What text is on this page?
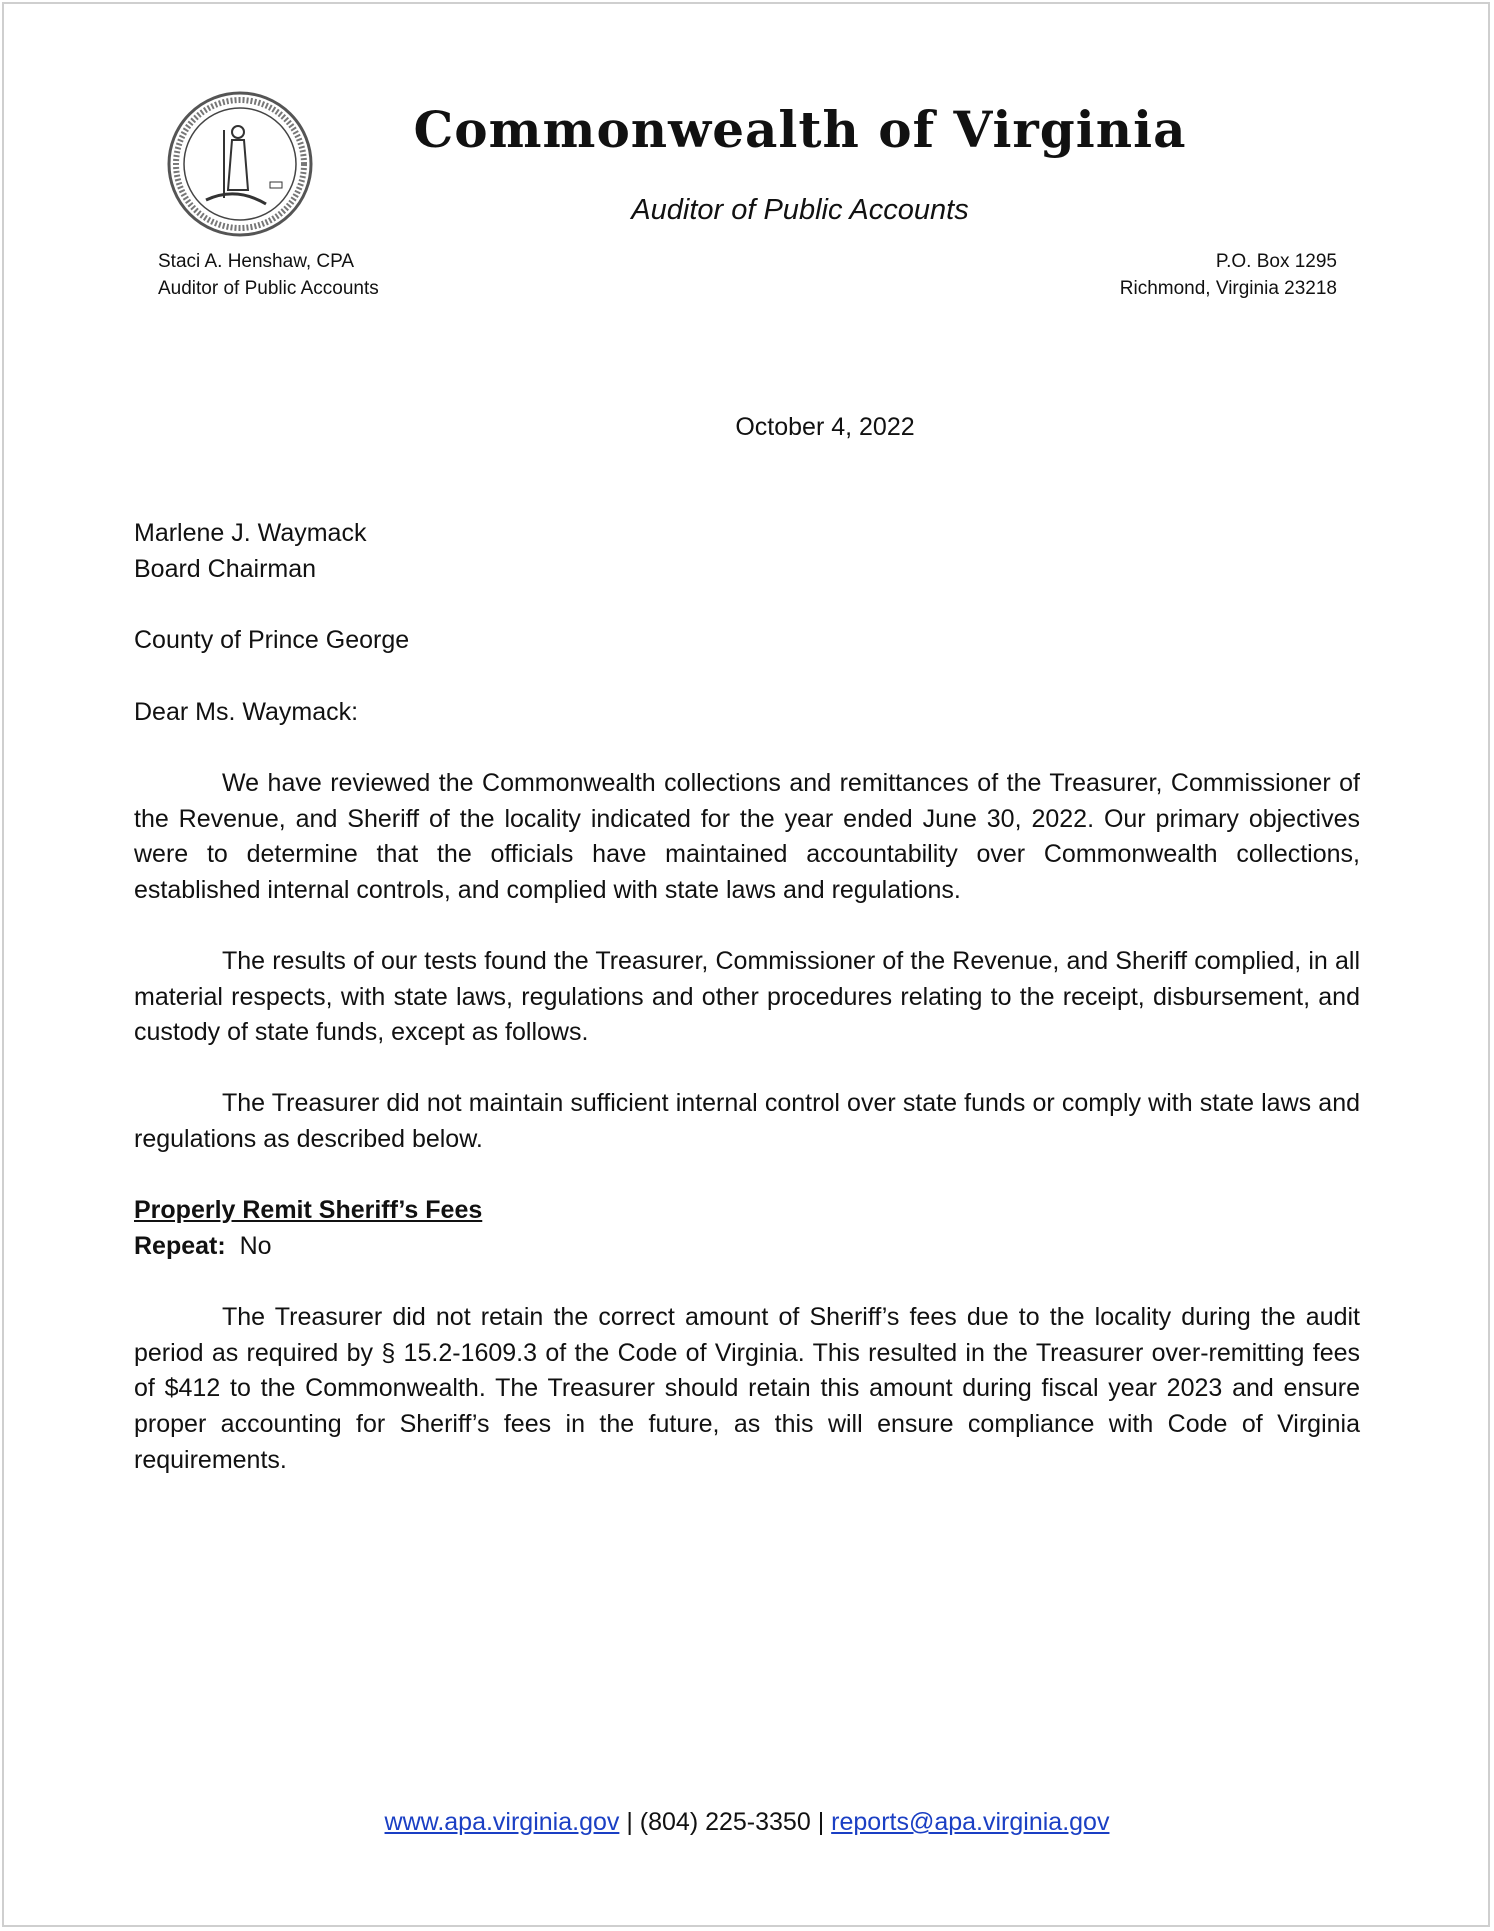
Commonwealth of Virginia
Auditor of Public Accounts
Staci A. Henshaw, CPA
Auditor of Public Accounts
P.O. Box 1295
Richmond, Virginia 23218
October 4, 2022
Marlene J. Waymack
Board Chairman
County of Prince George
Dear Ms. Waymack:

We have reviewed the Commonwealth collections and remittances of the Treasurer, Commissioner of the Revenue, and Sheriff of the locality indicated for the year ended June 30, 2022. Our primary objectives were to determine that the officials have maintained accountability over Commonwealth collections, established internal controls, and complied with state laws and regulations.

The results of our tests found the Treasurer, Commissioner of the Revenue, and Sheriff complied, in all material respects, with state laws, regulations and other procedures relating to the receipt, disbursement, and custody of state funds, except as follows.

The Treasurer did not maintain sufficient internal control over state funds or comply with state laws and regulations as described below.

Properly Remit Sheriff’s Fees
Repeat: No

The Treasurer did not retain the correct amount of Sheriff’s fees due to the locality during the audit period as required by § 15.2-1609.3 of the Code of Virginia. This resulted in the Treasurer over-remitting fees of $412 to the Commonwealth. The Treasurer should retain this amount during fiscal year 2023 and ensure proper accounting for Sheriff’s fees in the future, as this will ensure compliance with Code of Virginia requirements.

www.apa.virginia.gov | (804) 225-3350 | reports@apa.virginia.gov
